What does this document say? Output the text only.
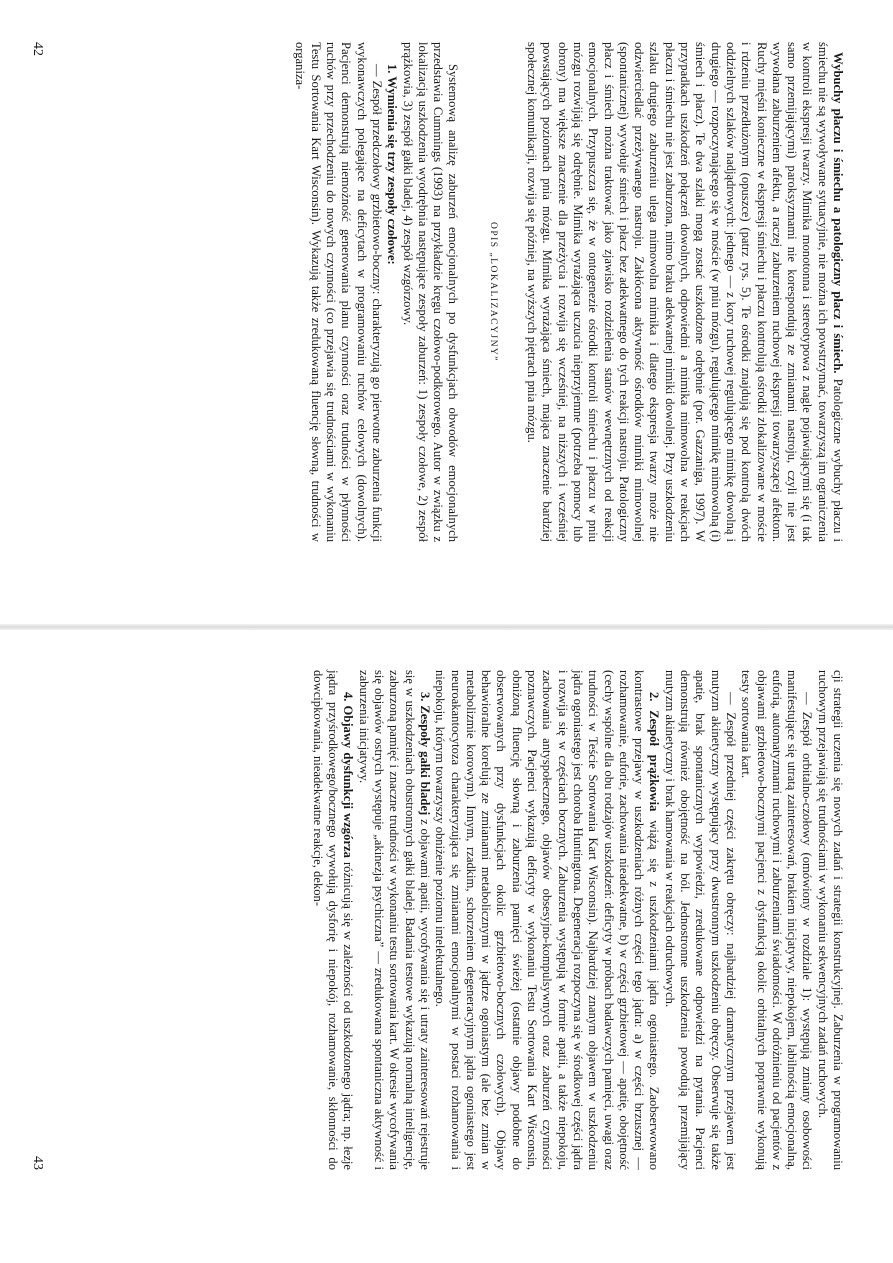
​    Wybuchy płaczu i śmiechu a patologiczny płacz i śmiech. Patologiczne wybuchy płaczu i śmiechu nie są wywoływane sytuacyjnie, nie można ich powstrzymać, towarzyszą im ograniczenia w kontroli ekspresji twarzy. Mimika monotonna i stereotypowa z nagle pojawiającymi się (i tak samo przemijającymi) paroksyzmami nie korespondują ze zmianami nastroju, czyli nie jest wywołana zaburzeniem afektu, a raczej zaburzeniem ruchowej ekspresji towarzyszącej afektom. Ruchy mięśni konieczne w ekspresji śmiechu i płaczu kontrolują ośrodki zlokalizowane w moście i rdzeniu przedłużonym (opuszce) (patrz rys. 5). Te ośrodki znajdują się pod kontrolą dwóch oddzielnych szlaków nadjądrowych: jednego — z kory ruchowej regulującego mimikę dowolną i drugiego — rozpoczynającego się w moście (w pniu mózgu), regulującego mimikę mimowolną (i) śmiech i płacz). Te dwa szlaki mogą zostać uszkodzone odrębnie (por. Gazzaniga, 1997). W przypadkach uszkodzeń połączeń dowolnych, odpowiedni a mimika mimowolna w reakcjach płaczu i śmiechu nie jest zaburzona, mimo braku adekwatnej mimiki dowolnej. Przy uszkodzeniu szlaku drugiego zaburzeniu ulega mimowolna mimika i dlatego ekspresja twarzy może nie odzwierciedlać przeżywanego nastroju. Zakłócona aktywność ośrodków mimiki mimowolnej (spontanicznej) wywołuje śmiech i płacz bez adekwatnego do tych reakcji nastroju. Patologiczny płacz i śmiech można traktować jako zjawisko rozdzielenia stanów wewnętrznych od reakcji emocjonalnych. Przypuszcza się, że w ontogenezie ośrodki kontroli śmiechu i płaczu w pniu mózgu rozwijają się odrębnie. Mimika wyrażająca uczucia nieprzyjemne (potrzeba pomocy lub obrony) ma większe znaczenie dla przeżycia i rozwija się wcześniej, na niższych i wcześniej powstających poziomach pnia mózgu. Mimika wyrażająca śmiech, mająca znaczenie bardziej społecznej komunikacji, rozwija się później, na wyższych piętrach pnia mózgu.

OPIS „LOKALIZACYJNY”

Systemową analizę zaburzeń emocjonalnych po dysfunkcjach obwodów emocjonalnych przedstawia Cummings (1993) na przykładzie kręgu czołowo-podkorowego. Autor w związku z lokalizacją uszkodzenia wyodrębnia następujące zespoły zaburzeń: 1) zespoły czołowe, 2) zespół prążkowia, 3) zespół gałki bladej, 4) zespół wzgórzowy.

1. Wymienia się trzy zespoły czołowe:

— Zespół przedczołowy grzbietowo-boczny: charakteryzują go pierwotne zaburzenia funkcji wykonawczych polegające na deficytach w programowaniu ruchów celowych (dowolnych). Pacjenci demonstrują niemożność generowania planu czynności oraz trudności w płynności ruchów przy przechodzeniu do nowych czynności (co przejawia się trudnościami w wykonaniu Testu Sortowania Kart Wisconsin). Wykazują także zredukowaną fluencję słowną, trudności w organiza-

42

cji strategii uczenia się nowych zadań i strategii konstrukcyjnej. Zaburzenia w programowaniu ruchowym przejawiają się trudnościami w wykonaniu sekwencyjnych zadań ruchowych.

— Zespół orbitalno-czołowy (omówiony w rozdziale 1): występują zmiany osobowości manifestujące się utratą zainteresowań, brakiem inicjatywy, niepokojem, labilnością emocjonalną, euforią, automatyzmami ruchowymi i zaburzeniami świadomości. W odróżnieniu od pacjentów z objawami grzbietowo-bocznymi pacjenci z dysfunkcją okolic orbitalnych poprawnie wykonują testy sortowania kart.

— Zespół przedniej części zakrętu obręczy: najbardziej dramatycznym przejawem jest mutyzm akinetyczny występujący przy dwustronnym uszkodzeniu obręczy. Obserwuje się także apatię, brak spontanicznych wypowiedzi, zredukowane odpowiedzi na pytania. Pacjenci demonstrują również obojętność na ból. Jednostronne uszkodzenia powodują przemijający mutyzm akinetyczny i brak hamowania w reakcjach odruchowych.

2. Zespół prążkowia wiążą się z uszkodzeniami jądra ogoniastego. Zaobserwowano kontrastowe przejawy w uszkodzeniach różnych części tego jądra: a) w części brzusznej — rozhamowanie, euforie, zachowania nieadekwatne, b) w części grzbietowej — apatię, obojętność (cechy wspólne dla obu rodzajów uszkodzeń: deficyty w próbach badawczych pamięci, uwagi oraz trudności w Teście Sortowania Kart Wisconsin). Najbardziej znanym objawem w uszkodzeniu jądra ogoniastego jest choroba Huntingtona. Degeneracja rozpoczyna się w środkowej części jądra i rozwija się w częściach bocznych. Zaburzenia występują w formie apatii, a także niepokoju, zachowania antyspołecznego, objawów obsesyjno-kompulsywnych oraz zaburzeń czynności poznawczych. Pacjenci wykazują deficyty w wykonaniu Testu Sortowania Kart Wisconsin, obniżoną fluencję słowną i zaburzenia pamięci świeżej (ostatnie objawy podobne do obserwowanych przy dysfunkcjach okolic grzbietowo-bocznych czołowych). Objawy behawioralne korelują ze zmianami metabolicznymi w jądrze ogoniastym (ale bez zmian w metabolizmie korowym). Innym, rzadkim, schorzeniem degeneracyjnym jądra ogoniastego jest neuroakantocytoza charakteryzująca się zmianami emocjonalnymi w postaci rozhamowania i niepokoju, którym towarzyszy obniżenie poziomu intelektualnego.

3. Zespoły gałki bladej z objawami apatii, wycofywania się i utraty zainteresowań rejestruje się w uszkodzeniach obustronnych gałki bladej. Badania testowe wykazują normalną inteligencję, zaburzoną pamięć i znaczne trudności w wykonaniu testu sortowania kart. W okresie wycofywania się objawów ostrych występuje „akinezja psychiczna” — zredukowana spontaniczna aktywność i zaburzenia inicjatywy.

4. Objawy dysfunkcji wzgórza różnicują się w zależności od uszkodzonego jądra; np. łezje jądra przyśrodkowego/bocznego wywołują dysforię i niepokój, rozhamowanie, skłonności do dowcipkowania, nieadekwatne reakcje, dekon-

43
